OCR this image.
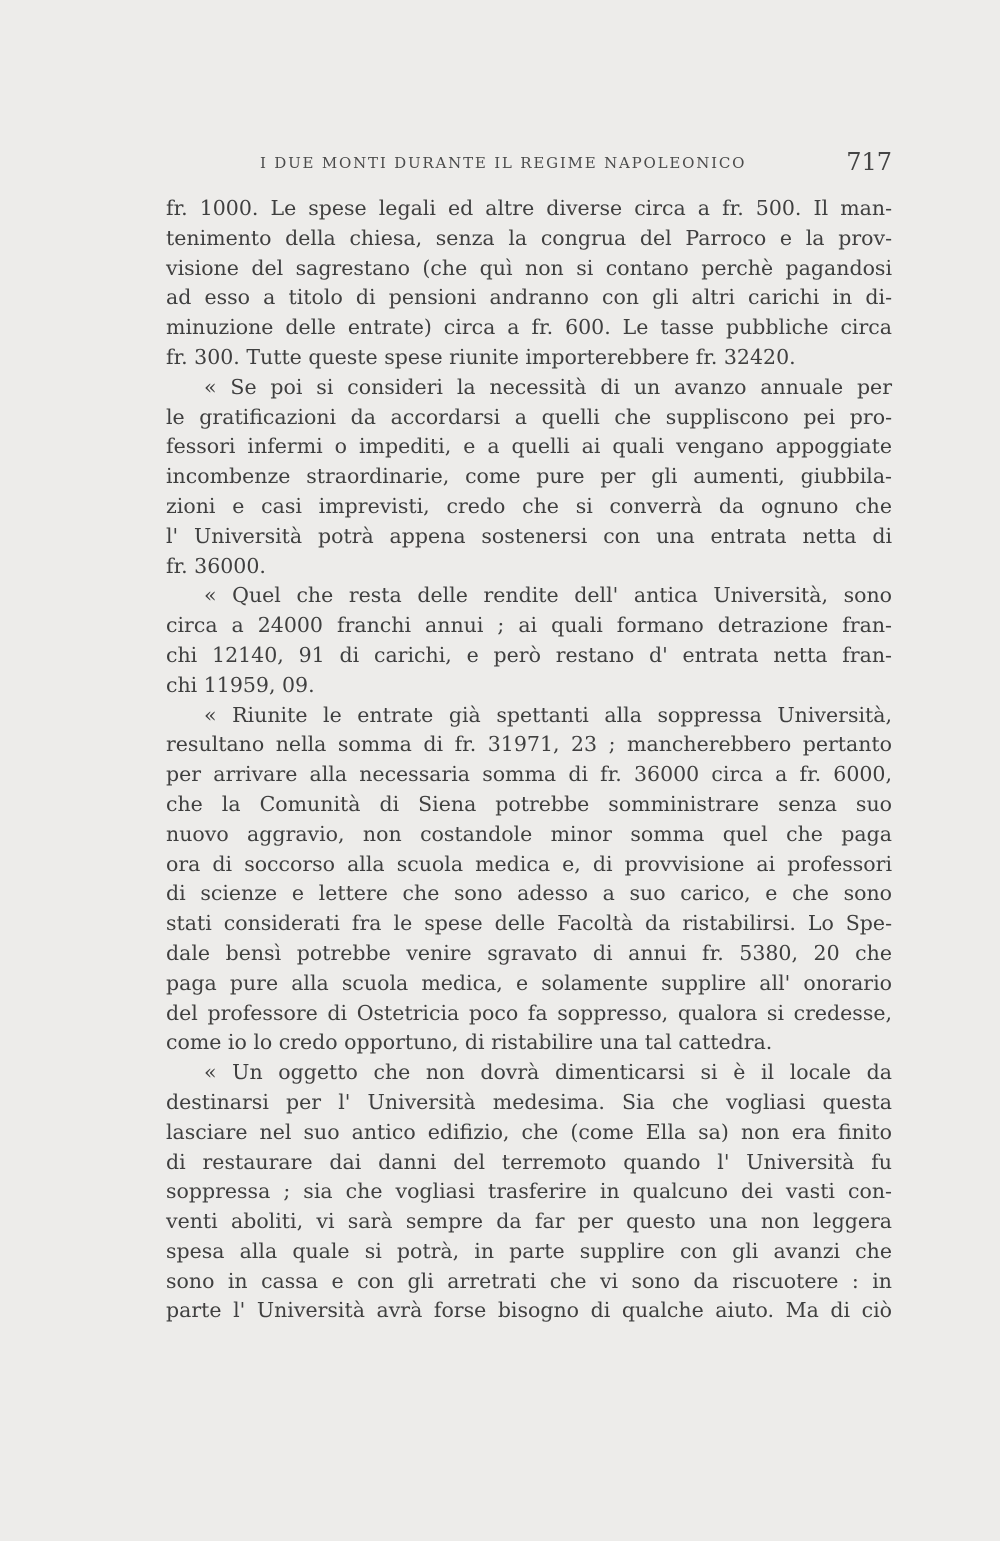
I DUE MONTI DURANTE IL REGIME NAPOLEONICO	717
fr. 1000. Le spese legali ed altre diverse circa a fr. 500. Il man-
tenimento della chiesa, senza la congrua del Parroco e la prov-
visione del sagrestano (che quì non si contano perchè pagandosi
ad esso a titolo di pensioni andranno con gli altri carichi in di-
minuzione delle entrate) circa a fr. 600. Le tasse pubbliche circa
fr. 300. Tutte queste spese riunite importerebbere fr. 32420.
« Se poi si consideri la necessità di un avanzo annuale per
le gratificazioni da accordarsi a quelli che suppliscono pei pro-
fessori infermi o impediti, e a quelli ai quali vengano appoggiate
incombenze straordinarie, come pure per gli aumenti, giubbila-
zioni e casi imprevisti, credo che si converrà da ognuno che
l' Università potrà appena sostenersi con una entrata netta di
fr. 36000.
« Quel che resta delle rendite dell' antica Università, sono
circa a 24000 franchi annui ; ai quali formano detrazione fran-
chi 12140, 91 di carichi, e però restano d' entrata netta fran-
chi 11959, 09.
« Riunite le entrate già spettanti alla soppressa Università,
resultano nella somma di fr. 31971, 23 ; mancherebbero pertanto
per arrivare alla necessaria somma di fr. 36000 circa a fr. 6000,
che la Comunità di Siena potrebbe somministrare senza suo
nuovo aggravio, non costandole minor somma quel che paga
ora di soccorso alla scuola medica e, di provvisione ai professori
di scienze e lettere che sono adesso a suo carico, e che sono
stati considerati fra le spese delle Facoltà da ristabilirsi. Lo Spe-
dale bensì potrebbe venire sgravato di annui fr. 5380, 20 che
paga pure alla scuola medica, e solamente supplire all' onorario
del professore di Ostetricia poco fa soppresso, qualora si credesse,
come io lo credo opportuno, di ristabilire una tal cattedra.
« Un oggetto che non dovrà dimenticarsi si è il locale da
destinarsi per l' Università medesima. Sia che vogliasi questa
lasciare nel suo antico edifizio, che (come Ella sa) non era finito
di restaurare dai danni del terremoto quando l' Università fu
soppressa ; sia che vogliasi trasferire in qualcuno dei vasti con-
venti aboliti, vi sarà sempre da far per questo una non leggera
spesa alla quale si potrà, in parte supplire con gli avanzi che
sono in cassa e con gli arretrati che vi sono da riscuotere : in
parte l' Università avrà forse bisogno di qualche aiuto. Ma di ciò
